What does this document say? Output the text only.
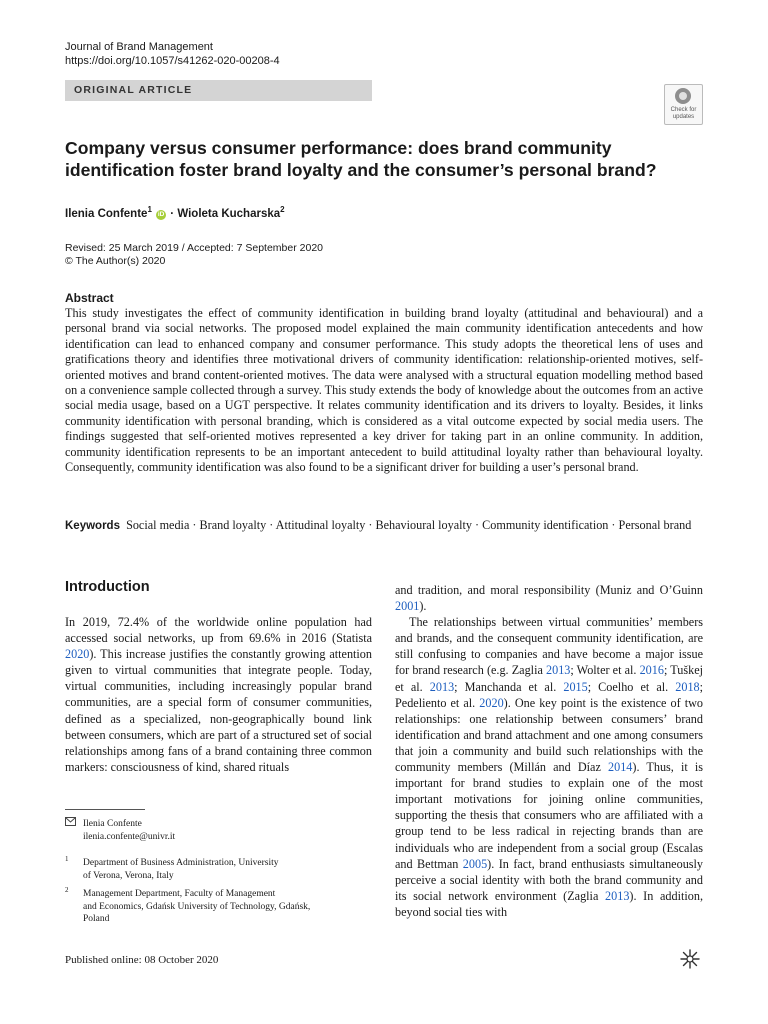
Journal of Brand Management
https://doi.org/10.1057/s41262-020-00208-4
ORIGINAL ARTICLE
Check for
updates
Company versus consumer performance: does brand community identification foster brand loyalty and the consumer’s personal brand?
Ilenia Confente$^1$ iD · Wioleta Kucharska$^2$
Revised: 25 March 2019 / Accepted: 7 September 2020
© The Author(s) 2020
Abstract
This study investigates the effect of community identification in building brand loyalty (attitudinal and behavioural) and a personal brand via social networks. The proposed model explained the main community identification antecedents and how identification can lead to enhanced company and consumer performance. This study adopts the theoretical lens of uses and gratifications theory and identifies three motivational drivers of community identification: relationship-oriented motives, self-oriented motives and brand content-oriented motives. The data were analysed with a structural equation modelling method based on a convenience sample collected through a survey. This study extends the body of knowledge about the outcomes from an active social media usage, based on a UGT perspective. It relates community identification and its drivers to loyalty. Besides, it links community identification with personal branding, which is considered as a vital outcome expected by social media users. The findings suggested that self-oriented motives represented a key driver for taking part in an online community. In addition, community identification represents to be an important antecedent to build attitudinal loyalty rather than behavioural loyalty. Consequently, community identification was also found to be a significant driver for building a user’s personal brand.
Keywords Social media · Brand loyalty · Attitudinal loyalty · Behavioural loyalty · Community identification · Personal brand
Introduction

In 2019, 72.4% of the worldwide online population had accessed social networks, up from 69.6% in 2016 (Statista 2020). This increase justifies the constantly growing attention given to virtual communities that integrate people. Today, virtual communities, including increasingly popular brand communities, are a special form of consumer communities, defined as a specialized, non-geographically bound link between consumers, which are part of a structured set of social relationships among fans of a brand containing three common markers: consciousness of kind, shared rituals

and tradition, and moral responsibility (Muniz and O’Guinn 2001).

The relationships between virtual communities’ members and brands, and the consequent community identification, are still confusing to companies and have become a major issue for brand research (e.g. Zaglia 2013; Wolter et al. 2016; Tuškej et al. 2013; Manchanda et al. 2015; Coelho et al. 2018; Pedeliento et al. 2020). One key point is the existence of two relationships: one relationship between consumers’ brand identification and brand attachment and one among consumers that join a community and build such relationships with the community members (Millán and Díaz 2014). Thus, it is important for brand studies to explain one of the most important motivations for joining online communities, supporting the thesis that consumers who are affiliated with a group tend to be less radical in rejecting brands than are individuals who are independent from a social group (Escalas and Bettman 2005). In fact, brand enthusiasts simultaneously perceive a social identity with both the brand community and its social network environment (Zaglia 2013). In addition, beyond social ties with

Ilenia Confente
ilenia.confente@univr.it
1 Department of Business Administration, University
of Verona, Verona, Italy
2 Management Department, Faculty of Management
and Economics, Gdańsk University of Technology, Gdańsk,
Poland
Published online: 08 October 2020
